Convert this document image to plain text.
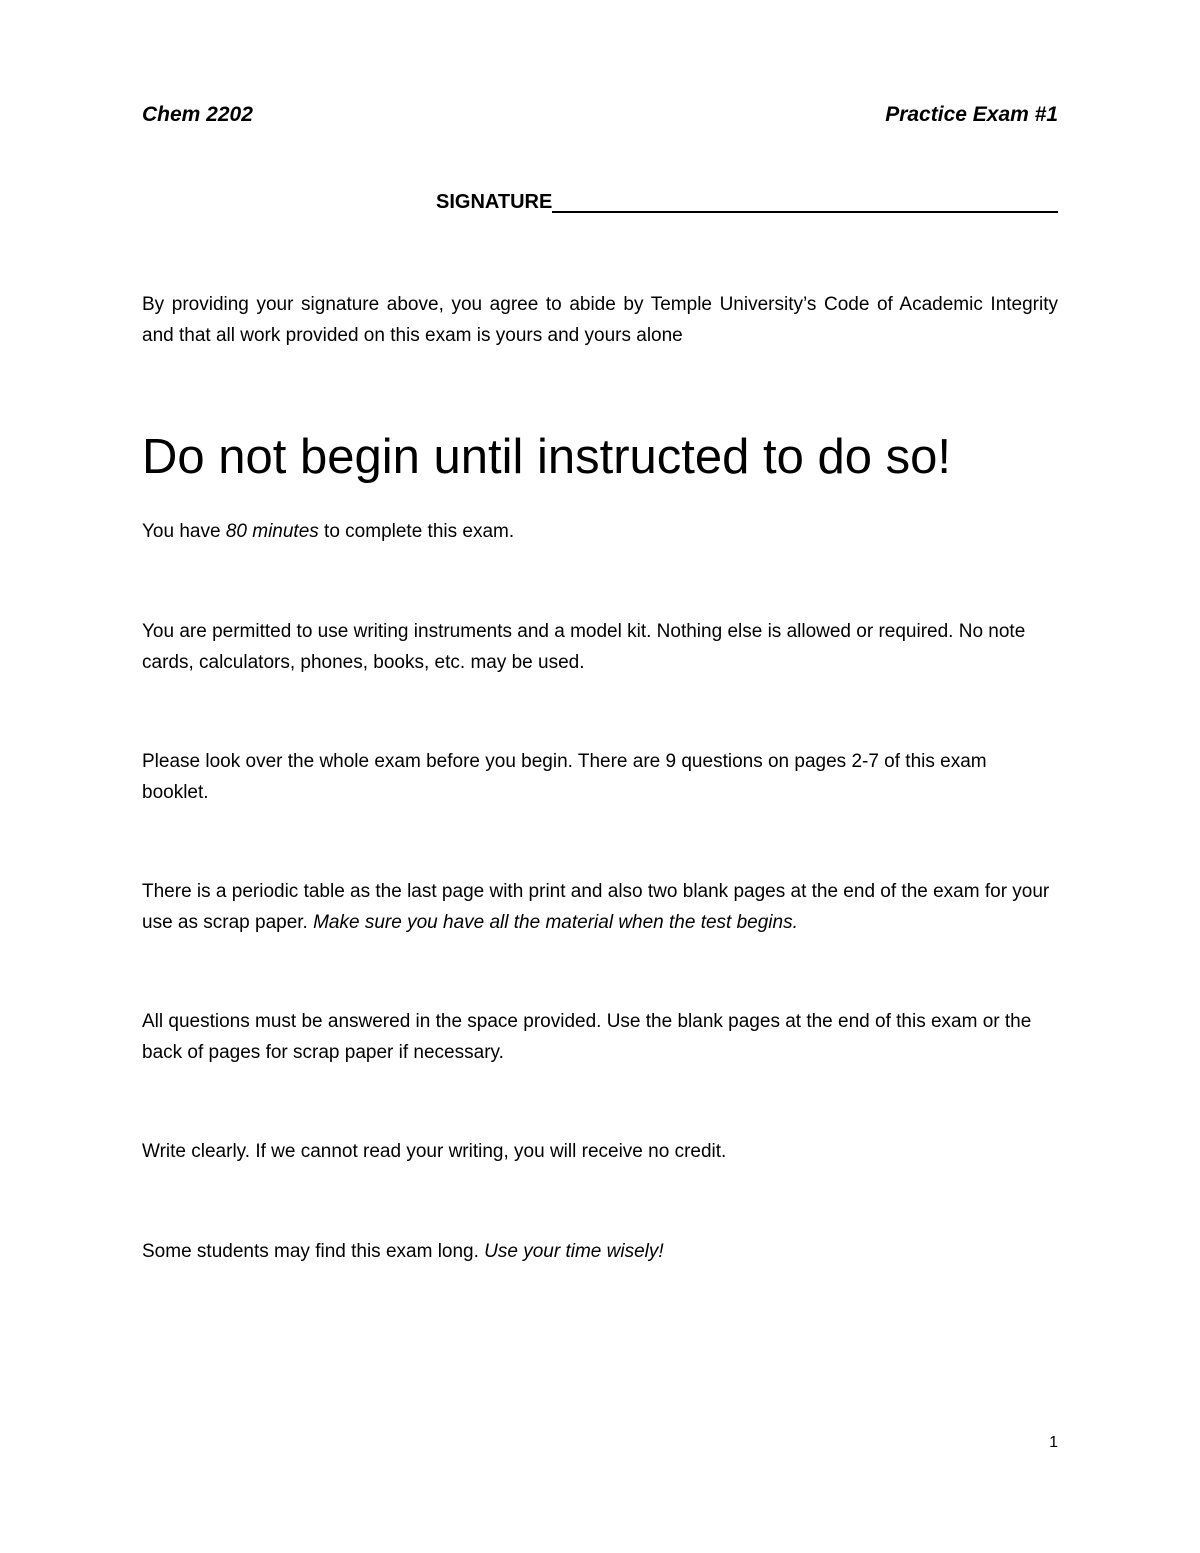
Chem 2202	Practice Exam #1
SIGNATURE

By providing your signature above, you agree to abide by Temple University’s Code of Academic Integrity and that all work provided on this exam is yours and yours alone

Do not begin until instructed to do so!

You have 80 minutes to complete this exam.

You are permitted to use writing instruments and a model kit. Nothing else is allowed or required. No note cards, calculators, phones, books, etc. may be used.

Please look over the whole exam before you begin. There are 9 questions on pages 2-7 of this exam booklet.

There is a periodic table as the last page with print and also two blank pages at the end of the exam for your use as scrap paper. Make sure you have all the material when the test begins.

All questions must be answered in the space provided. Use the blank pages at the end of this exam or the back of pages for scrap paper if necessary.

Write clearly. If we cannot read your writing, you will receive no credit.

Some students may find this exam long. Use your time wisely!

1
